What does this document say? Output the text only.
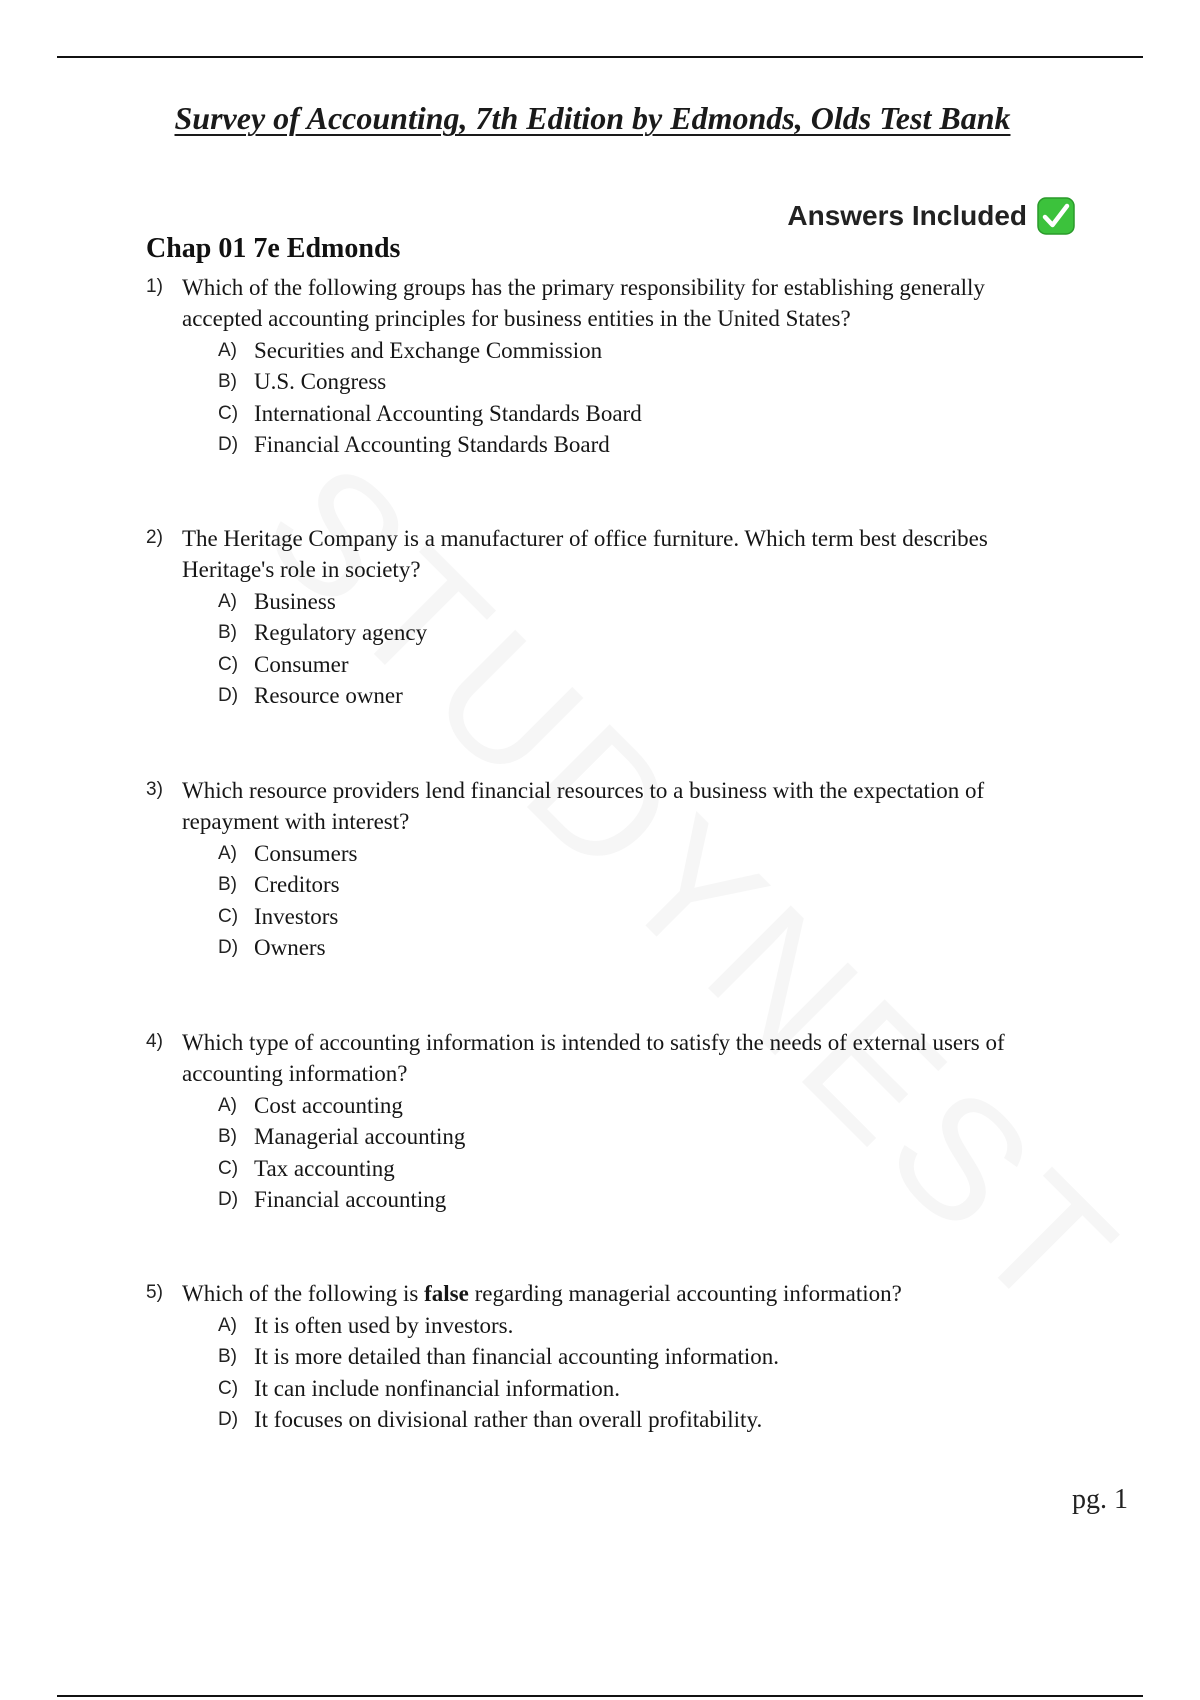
Survey of Accounting, 7th Edition by Edmonds, Olds Test Bank
Answers Included
Chap 01 7e Edmonds
1) Which of the following groups has the primary responsibility for establishing generally accepted accounting principles for business entities in the United States?
A) Securities and Exchange Commission
B) U.S. Congress
C) International Accounting Standards Board
D) Financial Accounting Standards Board
2) The Heritage Company is a manufacturer of office furniture. Which term best describes Heritage's role in society?
A) Business
B) Regulatory agency
C) Consumer
D) Resource owner
3) Which resource providers lend financial resources to a business with the expectation of repayment with interest?
A) Consumers
B) Creditors
C) Investors
D) Owners
4) Which type of accounting information is intended to satisfy the needs of external users of accounting information?
A) Cost accounting
B) Managerial accounting
C) Tax accounting
D) Financial accounting
5) Which of the following is false regarding managerial accounting information?
A) It is often used by investors.
B) It is more detailed than financial accounting information.
C) It can include nonfinancial information.
D) It focuses on divisional rather than overall profitability.
pg. 1
